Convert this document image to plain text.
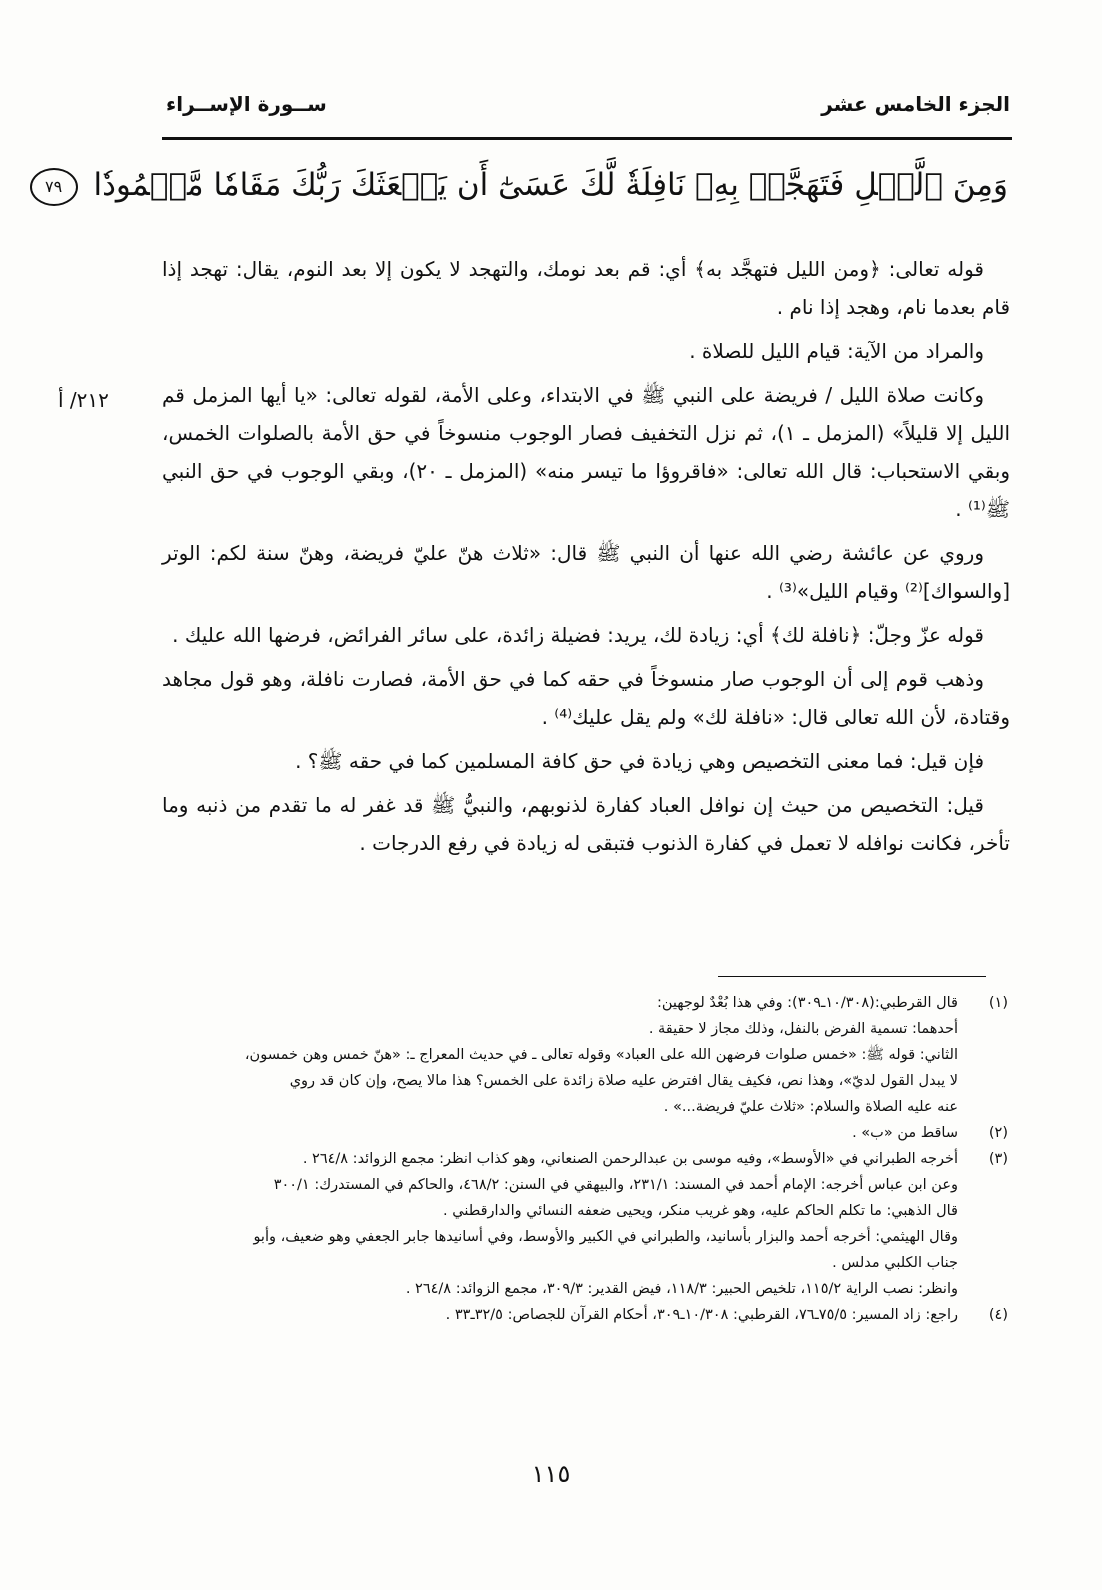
الجزء الخامس عشر
ســورة الإســراء
وَمِنَ ٱلَّيۡلِ فَتَهَجَّدۡ بِهِۦ نَافِلَةٗ لَّكَ عَسَىٰٓ أَن يَبۡعَثَكَ رَبُّكَ مَقَامٗا مَّحۡمُودٗا ٧٩
٢١٢/ أ

قوله تعالى: ﴿ومن الليل فتهجَّد به﴾ أي: قم بعد نومك، والتهجد لا يكون إلا بعد النوم، يقال: تهجد إذا قام بعدما نام، وهجد إذا نام .

والمراد من الآية: قيام الليل للصلاة .

وكانت صلاة الليل / فريضة على النبي ﷺ في الابتداء، وعلى الأمة، لقوله تعالى: «يا أيها المزمل قم الليل إلا قليلاً» (المزمل ـ ١)، ثم نزل التخفيف فصار الوجوب منسوخاً في حق الأمة بالصلوات الخمس، وبقي الاستحباب: قال الله تعالى: «فاقروؤا ما تيسر منه» (المزمل ـ ٢٠)، وبقي الوجوب في حق النبي ﷺ⁽¹⁾ .

وروي عن عائشة رضي الله عنها أن النبي ﷺ قال: «ثلاث هنّ عليّ فريضة، وهنّ سنة لكم: الوتر [والسواك]⁽²⁾ وقيام الليل»⁽³⁾ .

قوله عزّ وجلّ: ﴿نافلة لك﴾ أي: زيادة لك، يريد: فضيلة زائدة، على سائر الفرائض، فرضها الله عليك .

وذهب قوم إلى أن الوجوب صار منسوخاً في حقه كما في حق الأمة، فصارت نافلة، وهو قول مجاهد وقتادة، لأن الله تعالى قال: «نافلة لك» ولم يقل عليك⁽⁴⁾ .

فإن قيل: فما معنى التخصيص وهي زيادة في حق كافة المسلمين كما في حقه ﷺ؟ .

قيل: التخصيص من حيث إن نوافل العباد كفارة لذنوبهم، والنبيُّ ﷺ قد غفر له ما تقدم من ذنبه وما تأخر، فكانت نوافله لا تعمل في كفارة الذنوب فتبقى له زيادة في رفع الدرجات .

(١)
قال القرطبي:(١٠/٣٠٨ـ٣٠٩): وفي هذا بُعْدٌ لوجهين:
أحدهما: تسمية الفرض بالنفل، وذلك مجاز لا حقيقة .
الثاني: قوله ﷺ: «خمس صلوات فرضهن الله على العباد» وقوله تعالى ـ في حديث المعراج ـ: «هنّ خمس وهن خمسون،
لا يبدل القول لديّ»، وهذا نص، فكيف يقال افترض عليه صلاة زائدة على الخمس؟ هذا مالا يصح، وإن كان قد روي
عنه عليه الصلاة والسلام: «ثلاث عليّ فريضة...» .
(٢)
ساقط من «ب» .
(٣)
أخرجه الطبراني في «الأوسط»، وفيه موسى بن عبدالرحمن الصنعاني، وهو كذاب انظر: مجمع الزوائد: ٢٦٤/٨ .
وعن ابن عباس أخرجه: الإمام أحمد في المسند: ٢٣١/١، والبيهقي في السنن: ٤٦٨/٢، والحاكم في المستدرك: ٣٠٠/١
قال الذهبي: ما تكلم الحاكم عليه، وهو غريب منكر، ويحيى ضعفه النسائي والدارقطني .
وقال الهيثمي: أخرجه أحمد والبزار بأسانيد، والطبراني في الكبير والأوسط، وفي أسانيدها جابر الجعفي وهو ضعيف، وأبو
جناب الكلبي مدلس .
وانظر: نصب الراية ١١٥/٢، تلخيص الحبير: ١١٨/٣، فيض القدير: ٣٠٩/٣، مجمع الزوائد: ٢٦٤/٨ .
(٤)
راجع: زاد المسير: ٧٥/٥ـ٧٦، القرطبي: ١٠/٣٠٨ـ٣٠٩، أحكام القرآن للجصاص: ٣٢/٥ـ٣٣ .
١١٥
